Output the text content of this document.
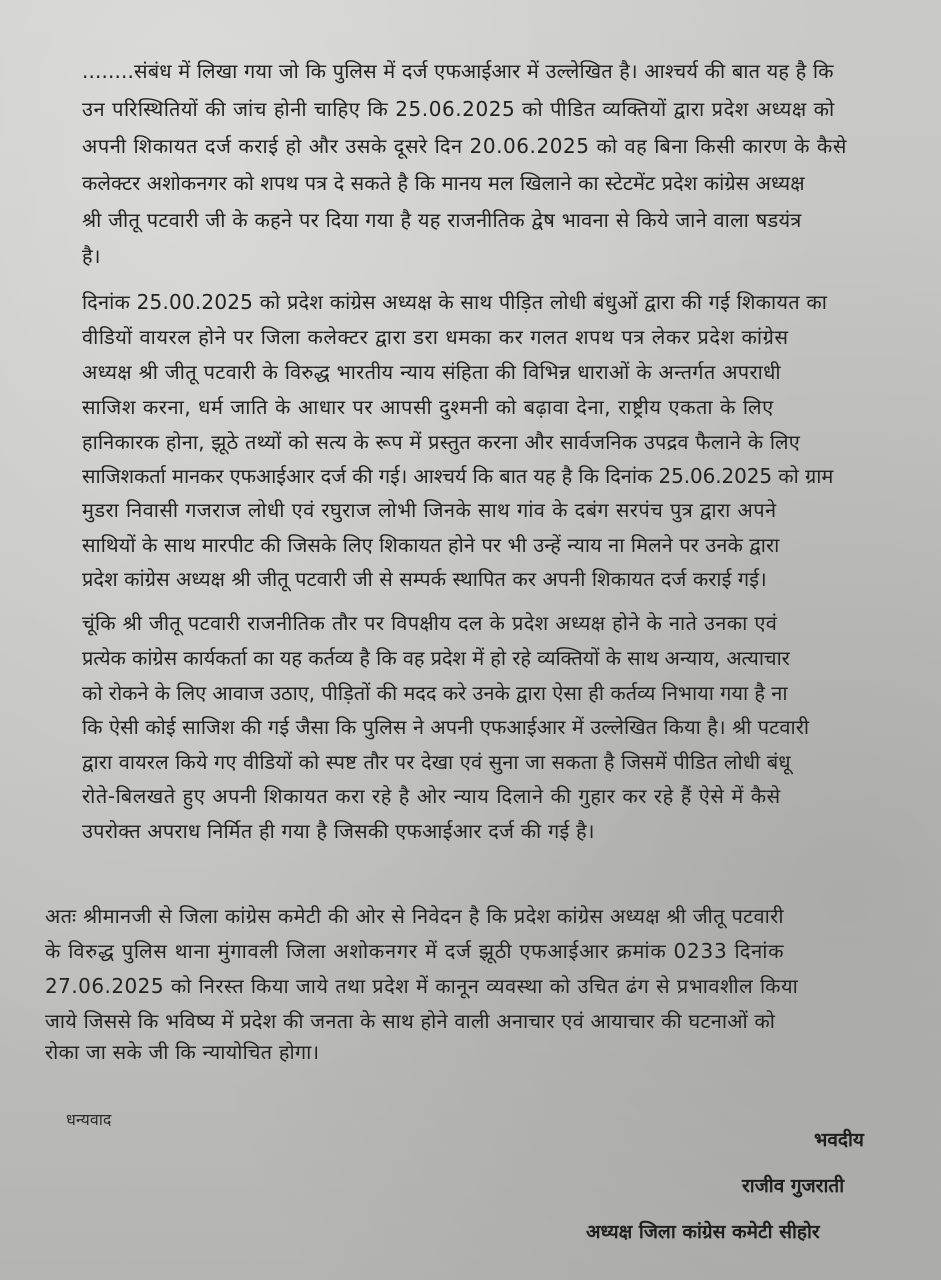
........संबंध में लिखा गया जो कि पुलिस में दर्ज एफआईआर में उल्लेखित है। आश्चर्य की बात यह है कि
उन परिस्थितियों की जांच होनी चाहिए कि 25.06.2025 को पीडित व्यक्तियों द्वारा प्रदेश अध्यक्ष को
अपनी शिकायत दर्ज कराई हो और उसके दूसरे दिन 20.06.2025 को वह बिना किसी कारण के कैसे
कलेक्टर अशोकनगर को शपथ पत्र दे सकते है कि मानय मल खिलाने का स्टेटमेंट प्रदेश कांग्रेस अध्यक्ष
श्री जीतू पटवारी जी के कहने पर दिया गया है यह राजनीतिक द्वेष भावना से किये जाने वाला षडयंत्र
है।
दिनांक 25.00.2025 को प्रदेश कांग्रेस अध्यक्ष के साथ पीड़ित लोधी बंधुओं द्वारा की गई शिकायत का
वीडियों वायरल होने पर जिला कलेक्टर द्वारा डरा धमका कर गलत शपथ पत्र लेकर प्रदेश कांग्रेस
अध्यक्ष श्री जीतू पटवारी के विरुद्ध भारतीय न्याय संहिता की विभिन्न धाराओं के अन्तर्गत अपराधी
साजिश करना, धर्म जाति के आधार पर आपसी दुश्मनी को बढ़ावा देना, राष्ट्रीय एकता के लिए
हानिकारक होना, झूठे तथ्यों को सत्य के रूप में प्रस्तुत करना और सार्वजनिक उपद्रव फैलाने के लिए
साजिशकर्ता मानकर एफआईआर दर्ज की गई। आश्चर्य कि बात यह है कि दिनांक 25.06.2025 को ग्राम
मुडरा निवासी गजराज लोधी एवं रघुराज लोभी जिनके साथ गांव के दबंग सरपंच पुत्र द्वारा अपने
साथियों के साथ मारपीट की जिसके लिए शिकायत होने पर भी उन्हें न्याय ना मिलने पर उनके द्वारा
प्रदेश कांग्रेस अध्यक्ष श्री जीतू पटवारी जी से सम्पर्क स्थापित कर अपनी शिकायत दर्ज कराई गई।
चूंकि श्री जीतू पटवारी राजनीतिक तौर पर विपक्षीय दल के प्रदेश अध्यक्ष होने के नाते उनका एवं
प्रत्येक कांग्रेस कार्यकर्ता का यह कर्तव्य है कि वह प्रदेश में हो रहे व्यक्तियों के साथ अन्याय, अत्याचार
को रोकने के लिए आवाज उठाए, पीड़ितों की मदद करे उनके द्वारा ऐसा ही कर्तव्य निभाया गया है ना
कि ऐसी कोई साजिश की गई जैसा कि पुलिस ने अपनी एफआईआर में उल्लेखित किया है। श्री पटवारी
द्वारा वायरल किये गए वीडियों को स्पष्ट तौर पर देखा एवं सुना जा सकता है जिसमें पीडित लोधी बंधू
रोते-बिलखते हुए अपनी शिकायत करा रहे है ओर न्याय दिलाने की गुहार कर रहे हैं ऐसे में कैसे
उपरोक्त अपराध निर्मित ही गया है जिसकी एफआईआर दर्ज की गई है।
अतः श्रीमानजी से जिला कांग्रेस कमेटी की ओर से निवेदन है कि प्रदेश कांग्रेस अध्यक्ष श्री जीतू पटवारी
के विरुद्ध पुलिस थाना मुंगावली जिला अशोकनगर में दर्ज झूठी एफआईआर क्रमांक 0233 दिनांक
27.06.2025 को निरस्त किया जाये तथा प्रदेश में कानून व्यवस्था को उचित ढंग से प्रभावशील किया
जाये जिससे कि भविष्य में प्रदेश की जनता के साथ होने वाली अनाचार एवं आयाचार की घटनाओं को
रोका जा सके जी कि न्यायोचित होगा।
धन्यवाद
भवदीय
राजीव गुजराती
अध्यक्ष जिला कांग्रेस कमेटी सीहोर
